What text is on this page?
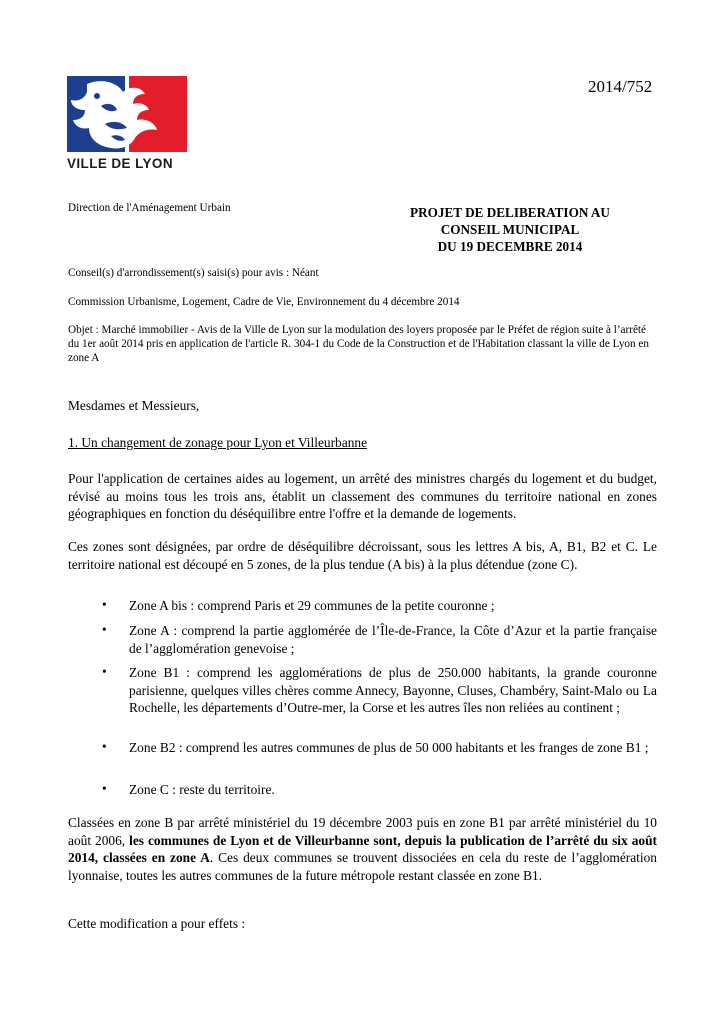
VILLE DE LYON
2014/752
Direction de l'Aménagement Urbain	PROJET DE DELIBERATION AU
CONSEIL MUNICIPAL
DU 19 DECEMBRE 2014
Conseil(s) d'arrondissement(s) saisi(s) pour avis : Néant
Commission Urbanisme, Logement, Cadre de Vie, Environnement du 4 décembre 2014
Objet : Marché immobilier - Avis de la Ville de Lyon sur la modulation des loyers proposée par le Préfet de région suite à l’arrêté du 1er août 2014 pris en application de l'article R. 304-1 du Code de la Construction et de l'Habitation classant la ville de Lyon en zone A
Mesdames et Messieurs,
1. Un changement de zonage pour Lyon et Villeurbanne

Pour l'application de certaines aides au logement, un arrêté des ministres chargés du logement et du budget, révisé au moins tous les trois ans, établit un classement des communes du territoire national en zones géographiques en fonction du déséquilibre entre l'offre et la demande de logements.

Ces zones sont désignées, par ordre de déséquilibre décroissant, sous les lettres A bis, A, B1, B2 et C. Le territoire national est découpé en 5 zones, de la plus tendue (A bis) à la plus détendue (zone C).

• Zone A bis : comprend Paris et 29 communes de la petite couronne ;

• Zone A : comprend la partie agglomérée de l’Île-de-France, la Côte d’Azur et la partie française de l’agglomération genevoise ;

• Zone B1 : comprend les agglomérations de plus de 250.000 habitants, la grande couronne parisienne, quelques villes chères comme Annecy, Bayonne, Cluses, Chambéry, Saint-Malo ou La Rochelle, les départements d’Outre-mer, la Corse et les autres îles non reliées au continent ;

• Zone B2 : comprend les autres communes de plus de 50 000 habitants et les franges de zone B1 ;

• Zone C : reste du territoire.

Classées en zone B par arrêté ministériel du 19 décembre 2003 puis en zone B1 par arrêté ministériel du 10 août 2006, les communes de Lyon et de Villeurbanne sont, depuis la publication de l’arrêté du six août 2014, classées en zone A. Ces deux communes se trouvent dissociées en cela du reste de l’agglomération lyonnaise, toutes les autres communes de la future métropole restant classée en zone B1.

Cette modification a pour effets :
